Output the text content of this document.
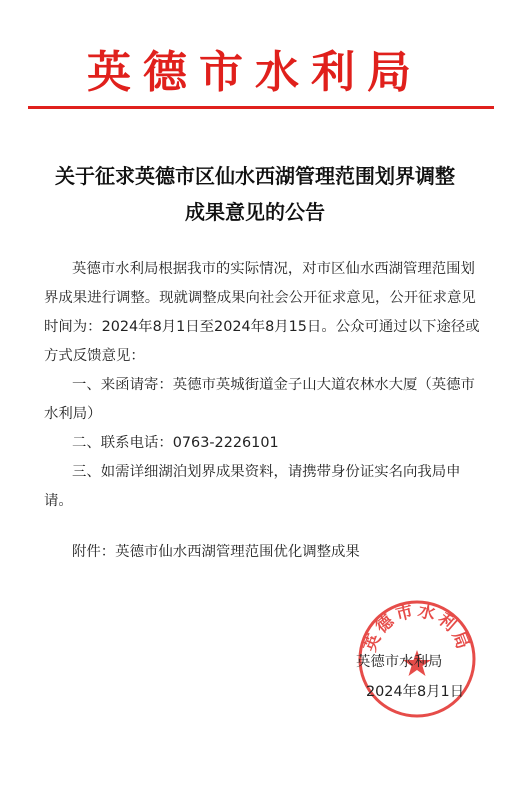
英德市水利局
关于征求英德市区仙水西湖管理范围划界调整
成果意见的公告

英德市水利局根据我市的实际情况，对市区仙水西湖管理范围划界成果进行调整。现就调整成果向社会公开征求意见，公开征求意见时间为：2024年8月1日至2024年8月15日。公众可通过以下途径或方式反馈意见：

一、来函请寄：英德市英城街道金子山大道农林水大厦（英德市水利局）

二、联系电话：0763-2226101

三、如需详细湖泊划界成果资料，请携带身份证实名向我局申请。

附件：英德市仙水西湖管理范围优化调整成果

英德市水利局
英德市水利局
2024年8月1日
